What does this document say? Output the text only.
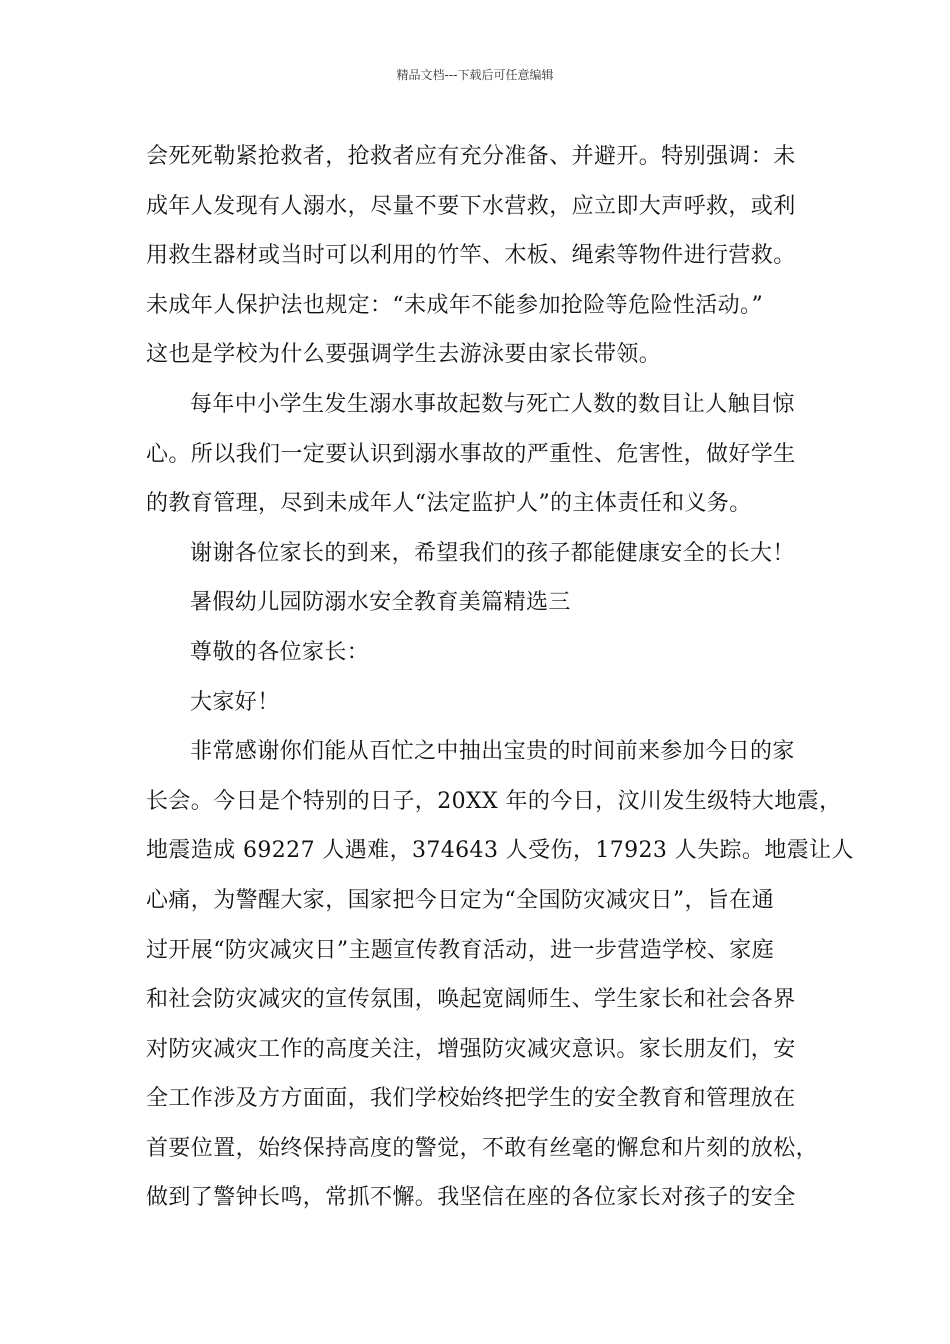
精品文档---下载后可任意编辑
会死死勒紧抢救者，抢救者应有充分准备、并避开。特别强调：未
成年人发现有人溺水，尽量不要下水营救，应立即大声呼救，或利
用救生器材或当时可以利用的竹竿、木板、绳索等物件进行营救。
未成年人保护法也规定：“未成年不能参加抢险等危险性活动。”
这也是学校为什么要强调学生去游泳要由家长带领。
每年中小学生发生溺水事故起数与死亡人数的数目让人触目惊
心。所以我们一定要认识到溺水事故的严重性、危害性，做好学生
的教育管理，尽到未成年人“法定监护人”的主体责任和义务。
谢谢各位家长的到来，希望我们的孩子都能健康安全的长大！
暑假幼儿园防溺水安全教育美篇精选三
尊敬的各位家长：
大家好！
非常感谢你们能从百忙之中抽出宝贵的时间前来参加今日的家
长会。今日是个特别的日子，20XX 年的今日，汶川发生级特大地震，
地震造成 69227 人遇难，374643 人受伤，17923 人失踪。地震让人
心痛，为警醒大家，国家把今日定为“全国防灾减灾日”，旨在通
过开展“防灾减灾日”主题宣传教育活动，进一步营造学校、家庭
和社会防灾减灾的宣传氛围，唤起宽阔师生、学生家长和社会各界
对防灾减灾工作的高度关注，增强防灾减灾意识。家长朋友们，安
全工作涉及方方面面，我们学校始终把学生的安全教育和管理放在
首要位置，始终保持高度的警觉，不敢有丝毫的懈怠和片刻的放松，
做到了警钟长鸣，常抓不懈。我坚信在座的各位家长对孩子的安全
